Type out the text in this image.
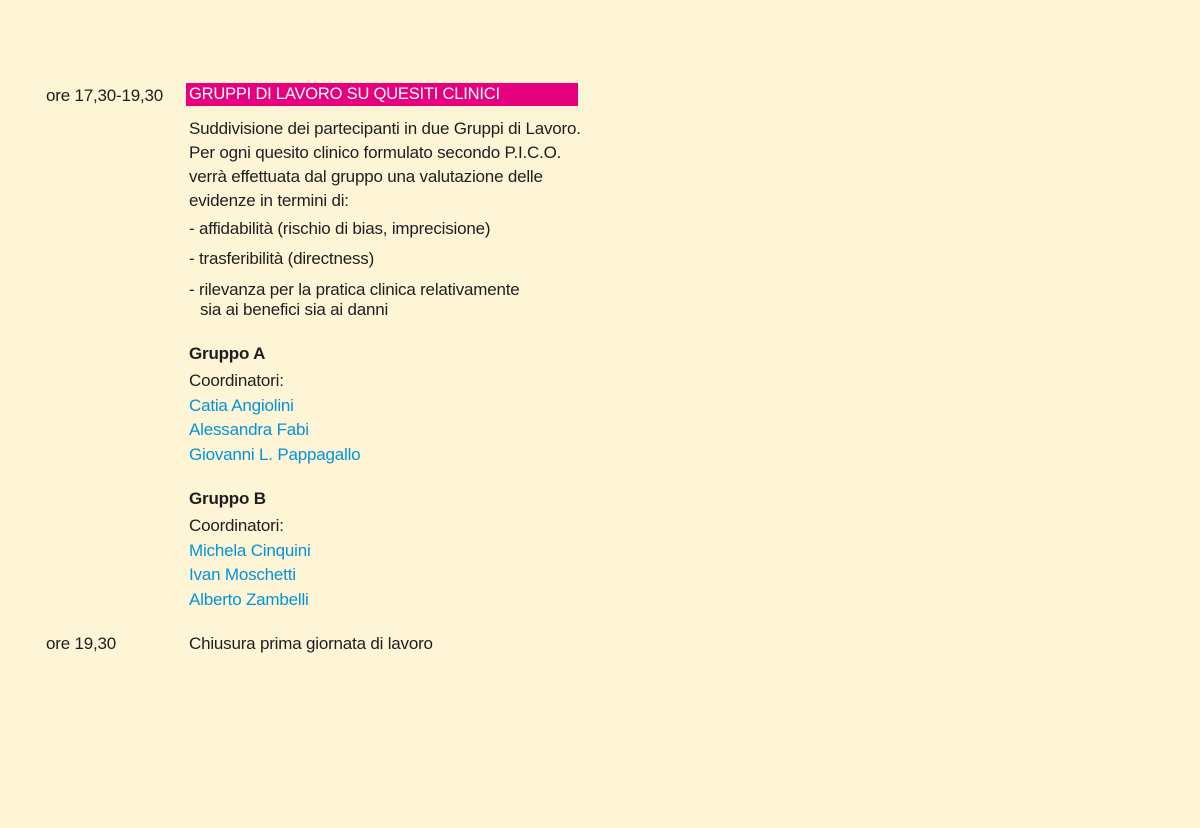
ore 17,30-19,30 GRUPPI DI LAVORO SU QUESITI CLINICI
Suddivisione dei partecipanti in due Gruppi di Lavoro.
Per ogni quesito clinico formulato secondo P.I.C.O.
verrà effettuata dal gruppo una valutazione delle
evidenze in termini di:
- affidabilità (rischio di bias, imprecisione)
- trasferibilità (directness)
- rilevanza per la pratica clinica relativamente
sia ai benefici sia ai danni
Gruppo A
Coordinatori:
Catia Angiolini
Alessandra Fabi
Giovanni L. Pappagallo
Gruppo B
Coordinatori:
Michela Cinquini
Ivan Moschetti
Alberto Zambelli
ore 19,30	Chiusura prima giornata di lavoro
